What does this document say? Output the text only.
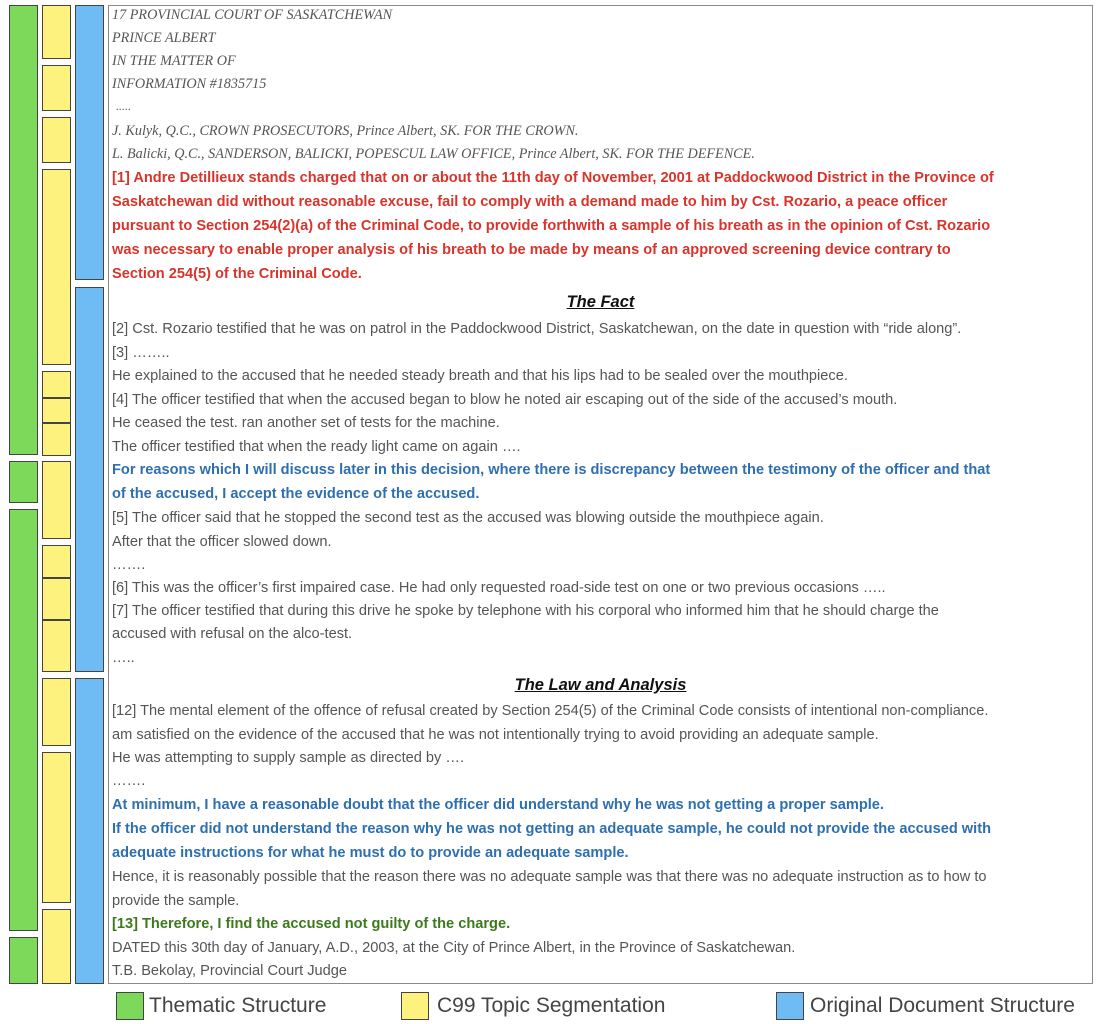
17 PROVINCIAL COURT OF SASKATCHEWAN
PRINCE ALBERT
IN THE MATTER OF
INFORMATION #1835715
.....
J. Kulyk, Q.C., CROWN PROSECUTORS, Prince Albert, SK. FOR THE CROWN.
L. Balicki, Q.C., SANDERSON, BALICKI, POPESCUL LAW OFFICE, Prince Albert, SK. FOR THE DEFENCE.
[1] Andre Detillieux stands charged that on or about the 11th day of November, 2001 at Paddockwood District in the Province of
Saskatchewan did without reasonable excuse, fail to comply with a demand made to him by Cst. Rozario, a peace officer
pursuant to Section 254(2)(a) of the Criminal Code, to provide forthwith a sample of his breath as in the opinion of Cst. Rozario
was necessary to enable proper analysis of his breath to be made by means of an approved screening device contrary to
Section 254(5) of the Criminal Code.
The Fact
[2] Cst. Rozario testified that he was on patrol in the Paddockwood District, Saskatchewan, on the date in question with “ride along”.
[3] ……..
He explained to the accused that he needed steady breath and that his lips had to be sealed over the mouthpiece.
[4] The officer testified that when the accused began to blow he noted air escaping out of the side of the accused’s mouth.
He ceased the test. ran another set of tests for the machine.
The officer testified that when the ready light came on again ….
For reasons which I will discuss later in this decision, where there is discrepancy between the testimony of the officer and that
of the accused, I accept the evidence of the accused.
[5] The officer said that he stopped the second test as the accused was blowing outside the mouthpiece again.
After that the officer slowed down.
…….
[6] This was the officer’s first impaired case. He had only requested road-side test on one or two previous occasions …..
[7] The officer testified that during this drive he spoke by telephone with his corporal who informed him that he should charge the
accused with refusal on the alco-test.
…..
The Law and Analysis
[12] The mental element of the offence of refusal created by Section 254(5) of the Criminal Code consists of intentional non-compliance.
am satisfied on the evidence of the accused that he was not intentionally trying to avoid providing an adequate sample.
He was attempting to supply sample as directed by ….
…….
At minimum, I have a reasonable doubt that the officer did understand why he was not getting a proper sample.
If the officer did not understand the reason why he was not getting an adequate sample, he could not provide the accused with
adequate instructions for what he must do to provide an adequate sample.
Hence, it is reasonably possible that the reason there was no adequate sample was that there was no adequate instruction as to how to
provide the sample.
[13] Therefore, I find the accused not guilty of the charge.
DATED this 30th day of January, A.D., 2003, at the City of Prince Albert, in the Province of Saskatchewan.
T.B. Bekolay, Provincial Court Judge
Thematic Structure	C99 Topic Segmentation	Original Document Structure
